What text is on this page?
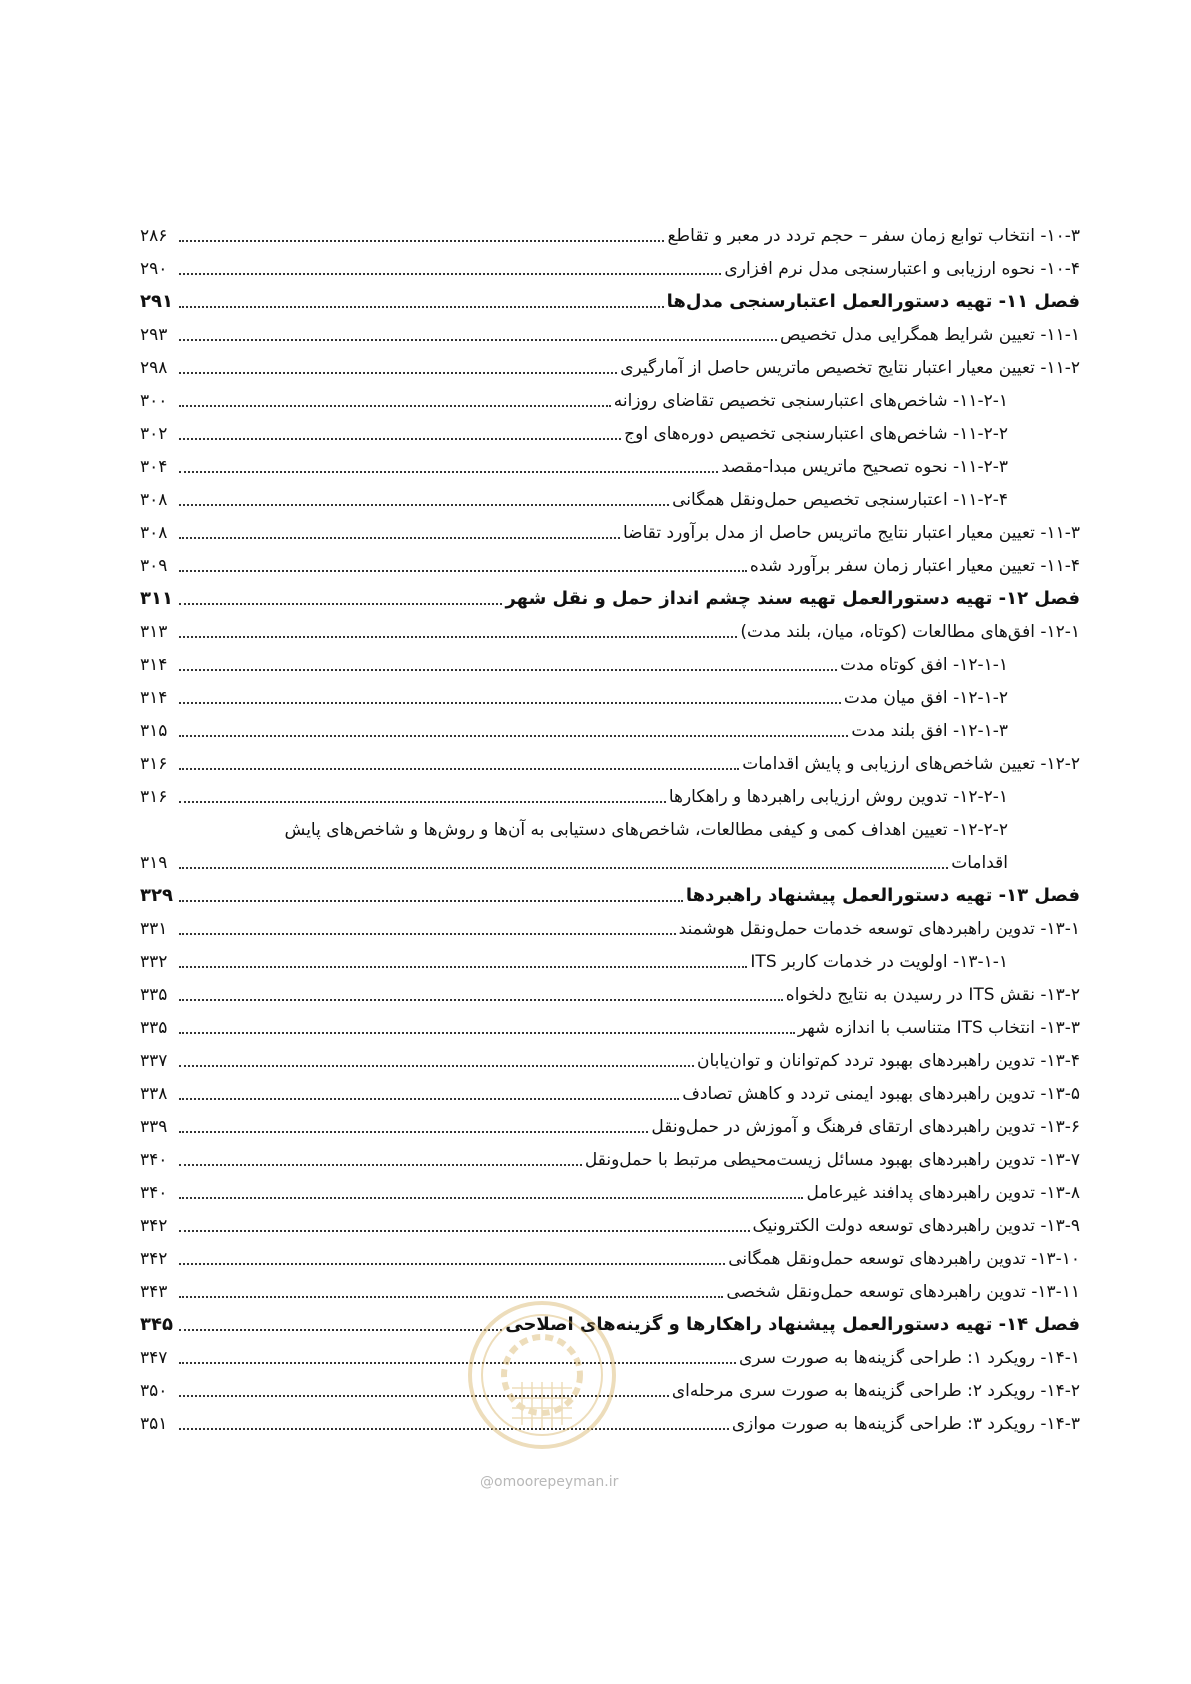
۱۰-۳- انتخاب توابع زمان سفر – حجم تردد در معبر و تقاطع
۲۸۶
۱۰-۴- نحوه ارزیابی و اعتبارسنجی مدل نرم افزاری
۲۹۰
فصل ۱۱- تهیه دستورالعمل اعتبارسنجی مدل‌ها
۲۹۱
۱۱-۱- تعیین شرایط همگرایی مدل تخصیص
۲۹۳
۱۱-۲- تعیین معیار اعتبار نتایج تخصیص ماتریس حاصل از آمارگیری
۲۹۸
۱۱-۲-۱- شاخص‌های اعتبارسنجی تخصیص تقاضای روزانه
۳۰۰
۱۱-۲-۲- شاخص‌های اعتبارسنجی تخصیص دوره‌های اوج
۳۰۲
۱۱-۲-۳- نحوه تصحیح ماتریس مبدا-مقصد
۳۰۴
۱۱-۲-۴- اعتبارسنجی تخصیص حمل‌ونقل همگانی
۳۰۸
۱۱-۳- تعیین معیار اعتبار نتایج ماتریس حاصل از مدل برآورد تقاضا
۳۰۸
۱۱-۴- تعیین معیار اعتبار زمان سفر برآورد شده
۳۰۹
فصل ۱۲- تهیه دستورالعمل تهیه سند چشم انداز حمل و نقل شهر
۳۱۱
۱۲-۱- افق‌های مطالعات (کوتاه، میان، بلند مدت)
۳۱۳
۱۲-۱-۱- افق کوتاه مدت
۳۱۴
۱۲-۱-۲- افق میان مدت
۳۱۴
۱۲-۱-۳- افق بلند مدت
۳۱۵
۱۲-۲- تعیین شاخص‌های ارزیابی و پایش اقدامات
۳۱۶
۱۲-۲-۱- تدوین روش ارزیابی راهبردها و راهکارها
۳۱۶
۱۲-۲-۲- تعیین اهداف کمی و کیفی مطالعات، شاخص‌های دستیابی به آن‌ها و روش‌ها و شاخص‌های پایش
اقدامات
۳۱۹
فصل ۱۳- تهیه دستورالعمل پیشنهاد راهبردها
۳۲۹
۱۳-۱- تدوین راهبردهای توسعه خدمات حمل‌ونقل هوشمند
۳۳۱
۱۳-۱-۱- اولویت در خدمات کاربر ITS
۳۳۲
۱۳-۲- نقش ITS در رسیدن به نتایج دلخواه
۳۳۵
۱۳-۳- انتخاب ITS متناسب با اندازه شهر
۳۳۵
۱۳-۴- تدوین راهبردهای بهبود تردد کم‌توانان و توان‌یابان
۳۳۷
۱۳-۵- تدوین راهبردهای بهبود ایمنی تردد و کاهش تصادف
۳۳۸
۱۳-۶- تدوین راهبردهای ارتقای فرهنگ و آموزش در حمل‌ونقل
۳۳۹
۱۳-۷- تدوین راهبردهای بهبود مسائل زیست‌محیطی مرتبط با حمل‌ونقل
۳۴۰
۱۳-۸- تدوین راهبردهای پدافند غیرعامل
۳۴۰
۱۳-۹- تدوین راهبردهای توسعه دولت الکترونیک
۳۴۲
۱۳-۱۰- تدوین راهبردهای توسعه حمل‌ونقل همگانی
۳۴۲
۱۳-۱۱- تدوین راهبردهای توسعه حمل‌ونقل شخصی
۳۴۳
فصل ۱۴- تهیه دستورالعمل پیشنهاد راهکارها و گزینه‌های اصلاحی
۳۴۵
۱۴-۱- رویکرد ۱: طراحی گزینه‌ها به صورت سری
۳۴۷
۱۴-۲- رویکرد ۲: طراحی گزینه‌ها به صورت سری مرحله‌ای
۳۵۰
۱۴-۳- رویکرد ۳: طراحی گزینه‌ها به صورت موازی
۳۵۱
@omoorepeyman.ir
